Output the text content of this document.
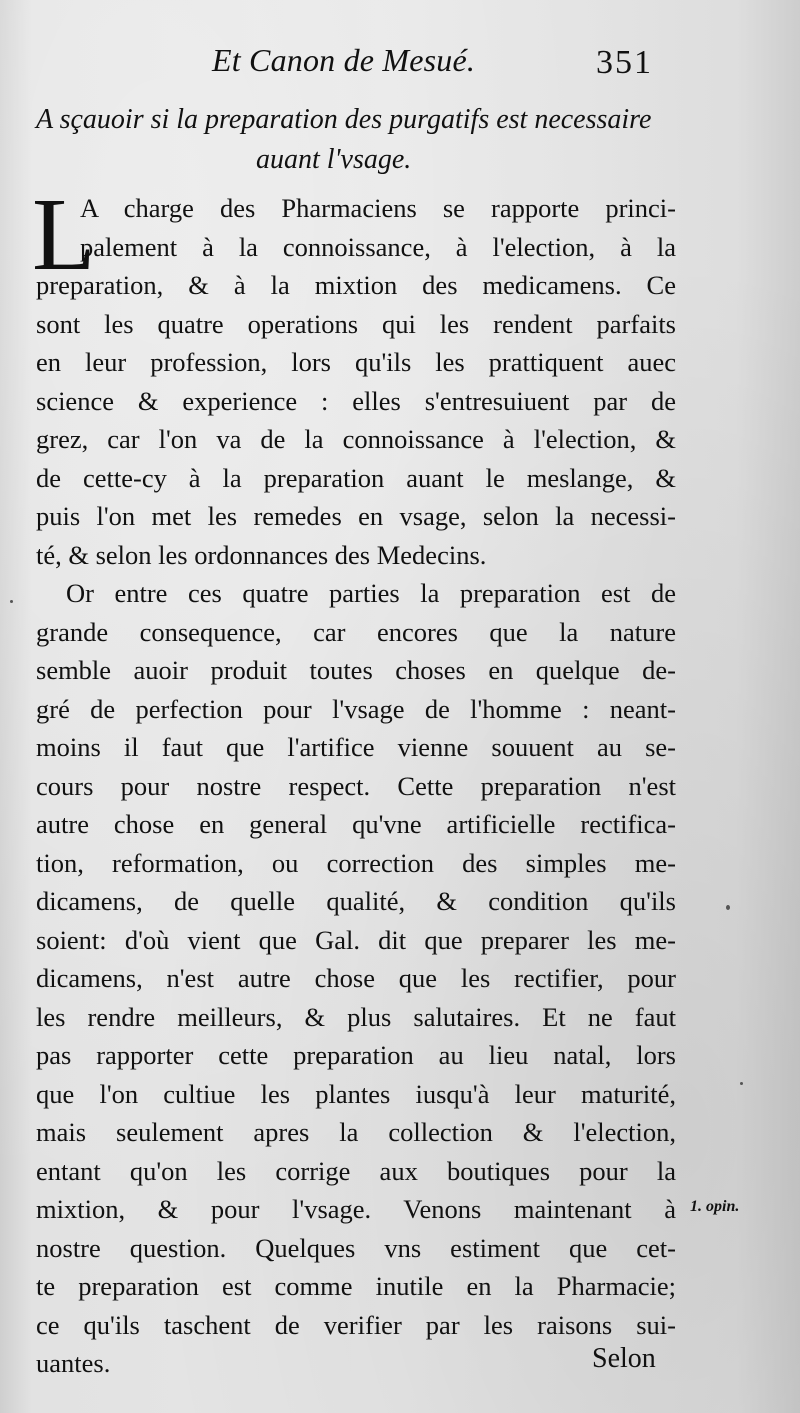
Et Canon de Mesué.	351
A sçauoir si la preparation des purgatifs est necessaire
auant l'vsage.
L
A charge des Pharmaciens se rapporte princi-
palement à la connoissance, à l'election, à la
preparation, & à la mixtion des medicamens. Ce
sont les quatre operations qui les rendent parfaits
en leur profession, lors qu'ils les prattiquent auec
science & experience : elles s'entresuiuent par de
grez, car l'on va de la connoissance à l'election, &
de cette-cy à la preparation auant le meslange, &
puis l'on met les remedes en vsage, selon la necessi-
té, & selon les ordonnances des Medecins.
Or entre ces quatre parties la preparation est de
grande consequence, car encores que la nature
semble auoir produit toutes choses en quelque de-
gré de perfection pour l'vsage de l'homme : neant-
moins il faut que l'artifice vienne souuent au se-
cours pour nostre respect. Cette preparation n'est
autre chose en general qu'vne artificielle rectifica-
tion, reformation, ou correction des simples me-
dicamens, de quelle qualité, & condition qu'ils
soient: d'où vient que Gal. dit que preparer les me-
dicamens, n'est autre chose que les rectifier, pour
les rendre meilleurs, & plus salutaires. Et ne faut
pas rapporter cette preparation au lieu natal, lors
que l'on cultiue les plantes iusqu'à leur maturité,
mais seulement apres la collection & l'election,
entant qu'on les corrige aux boutiques pour la
mixtion, & pour l'vsage. Venons maintenant à
nostre question. Quelques vns estiment que cet-
te preparation est comme inutile en la Pharmacie;
ce qu'ils taschent de verifier par les raisons sui-
uantes.
1. opin.
Selon
